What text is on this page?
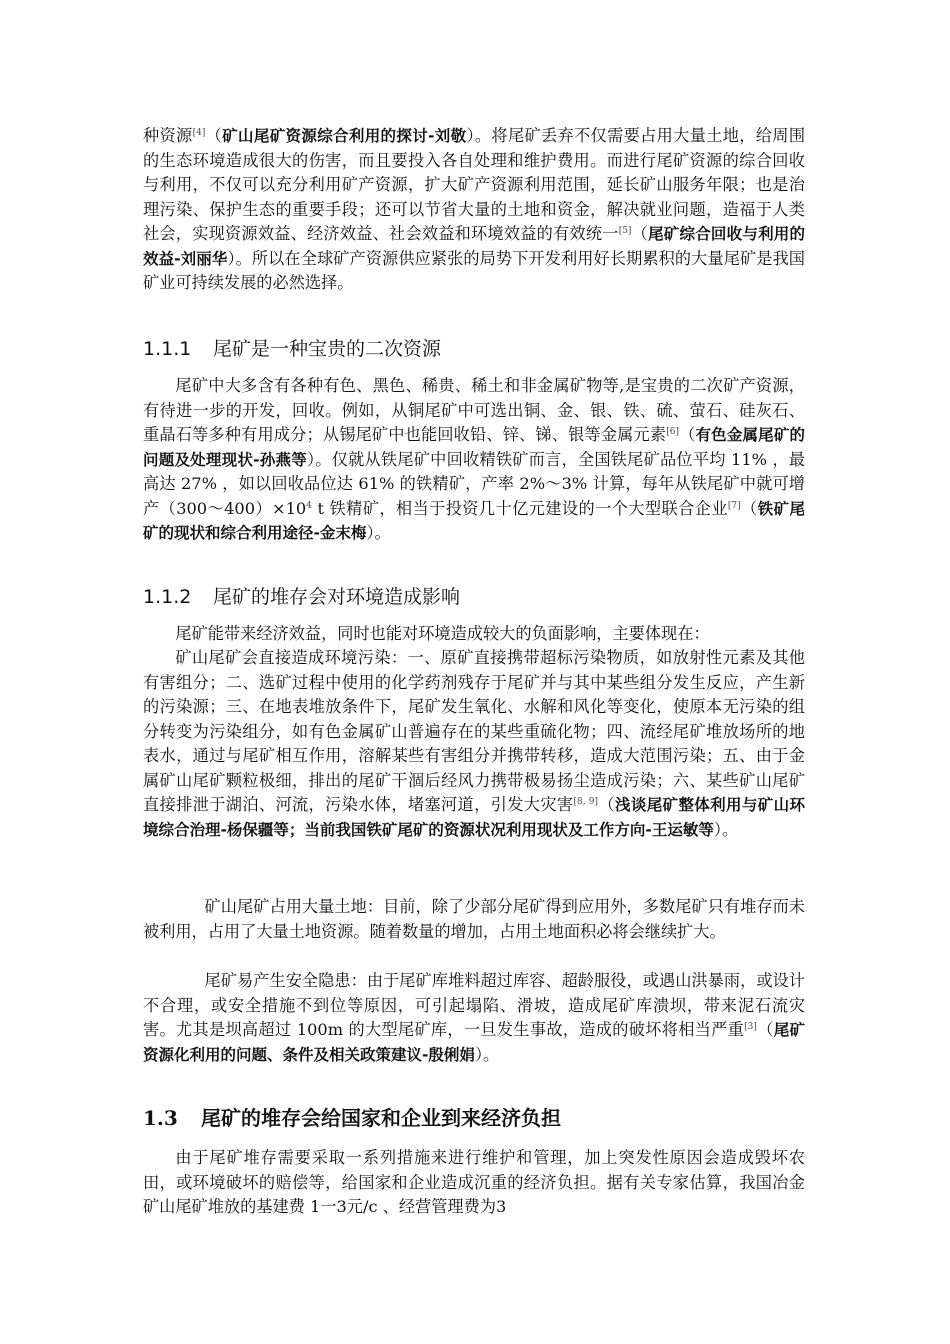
种资源[4]（矿山尾矿资源综合利用的探讨-刘敬）。将尾矿丢弃不仅需要占用大量土地，给周围的生态环境造成很大的伤害，而且要投入各自处理和维护费用。而进行尾矿资源的综合回收与利用，不仅可以充分利用矿产资源，扩大矿产资源利用范围，延长矿山服务年限；也是治理污染、保护生态的重要手段；还可以节省大量的土地和资金，解决就业问题，造福于人类社会，实现资源效益、经济效益、社会效益和环境效益的有效统一[5]（尾矿综合回收与利用的效益-刘丽华）。所以在全球矿产资源供应紧张的局势下开发利用好长期累积的大量尾矿是我国矿业可持续发展的必然选择。

1.1.1 尾矿是一种宝贵的二次资源

尾矿中大多含有各种有色、黑色、稀贵、稀土和非金属矿物等,是宝贵的二次矿产资源，有待进一步的开发，回收。例如，从铜尾矿中可选出铜、金、银、铁、硫、萤石、硅灰石、重晶石等多种有用成分；从锡尾矿中也能回收铅、锌、锑、银等金属元素[6]（有色金属尾矿的问题及处理现状-孙燕等）。仅就从铁尾矿中回收精铁矿而言，全国铁尾矿品位平均 11% ，最高达 27% ，如以回收品位达 61% 的铁精矿，产率 2%～3% 计算，每年从铁尾矿中就可增产$(300\sim 400)\times 10^4$ t 铁精矿，相当于投资几十亿元建设的一个大型联合企业[7]（铁矿尾矿的现状和综合利用途径-金末梅）。

1.1.2 尾矿的堆存会对环境造成影响

尾矿能带来经济效益，同时也能对环境造成较大的负面影响，主要体现在：

矿山尾矿会直接造成环境污染：一、原矿直接携带超标污染物质，如放射性元素及其他有害组分；二、选矿过程中使用的化学药剂残存于尾矿并与其中某些组分发生反应，产生新的污染源；三、在地表堆放条件下，尾矿发生氧化、水解和风化等变化，使原本无污染的组分转变为污染组分，如有色金属矿山普遍存在的某些重硫化物；四、流经尾矿堆放场所的地表水，通过与尾矿相互作用，溶解某些有害组分并携带转移，造成大范围污染；五、由于金属矿山尾矿颗粒极细，排出的尾矿干涸后经风力携带极易扬尘造成污染；六、某些矿山尾矿直接排泄于湖泊、河流，污染水体，堵塞河道，引发大灾害[8, 9]（浅谈尾矿整体利用与矿山环境综合治理-杨保疆等；当前我国铁矿尾矿的资源状况利用现状及工作方向-王运敏等）。

矿山尾矿占用大量土地：目前，除了少部分尾矿得到应用外，多数尾矿只有堆存而未被利用，占用了大量土地资源。随着数量的增加，占用土地面积必将会继续扩大。

尾矿易产生安全隐患：由于尾矿库堆料超过库容、超龄服役，或遇山洪暴雨，或设计不合理，或安全措施不到位等原因，可引起塌陷、滑坡，造成尾矿库溃坝，带来泥石流灾害。尤其是坝高超过 100m 的大型尾矿库，一旦发生事故，造成的破坏将相当严重[3]（尾矿资源化利用的问题、条件及相关政策建议-殷俐娟）。

1.3 尾矿的堆存会给国家和企业到来经济负担

由于尾矿堆存需要采取一系列措施来进行维护和管理，加上突发性原因会造成毁坏农田，或环境破坏的赔偿等，给国家和企业造成沉重的经济负担。据有关专家估算，我国冶金矿山尾矿堆放的基建费 1一3元/c 、经营管理费为3
